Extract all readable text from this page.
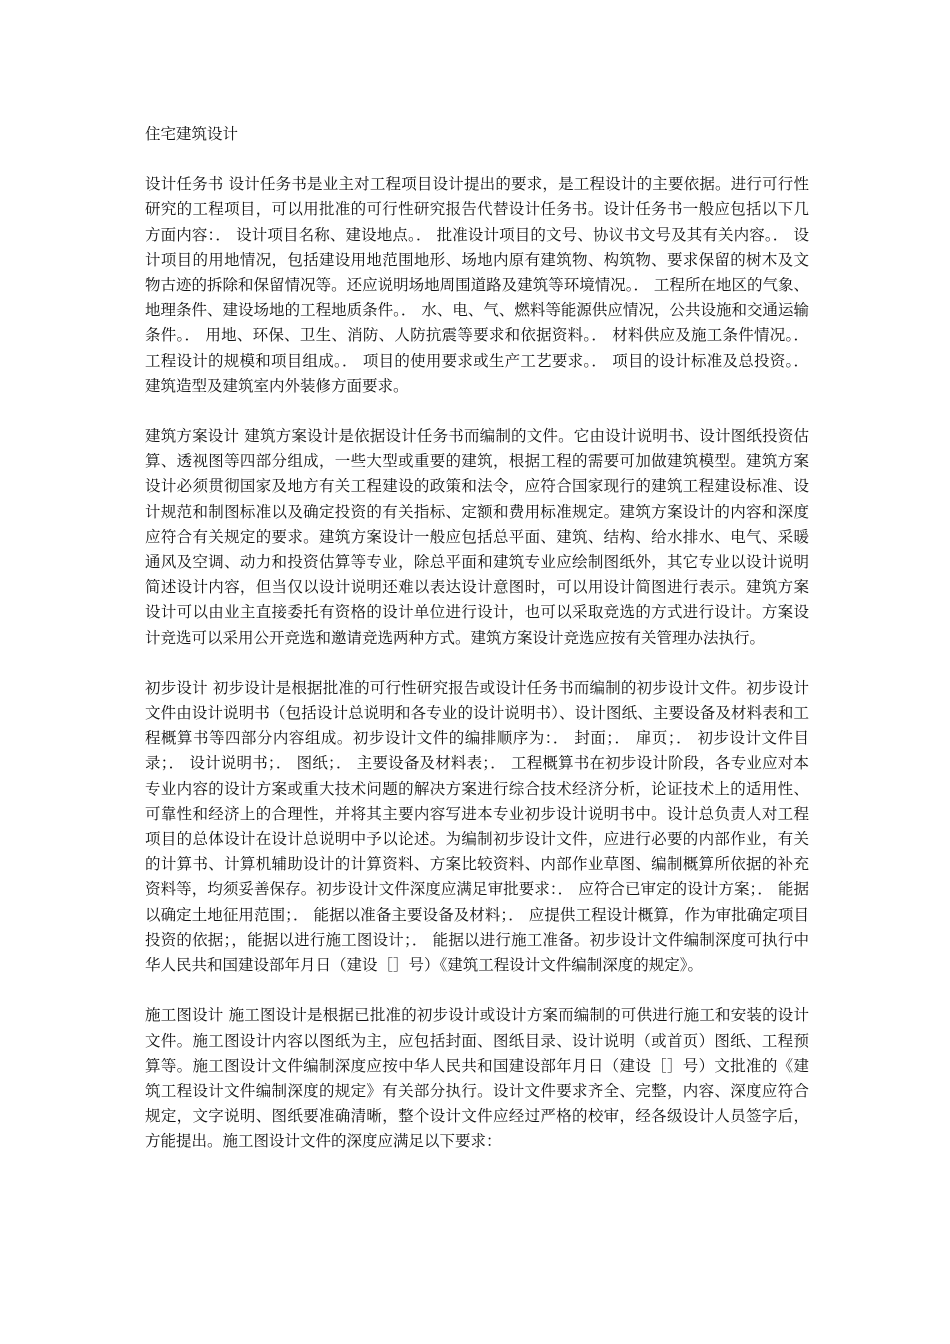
住宅建筑设计

设计任务书 设计任务书是业主对工程项目设计提出的要求，是工程设计的主要依据。进行可行性研究的工程项目，可以用批准的可行性研究报告代替设计任务书。设计任务书一般应包括以下几方面内容：． 设计项目名称、建设地点。． 批准设计项目的文号、协议书文号及其有关内容。． 设计项目的用地情况，包括建设用地范围地形、场地内原有建筑物、构筑物、要求保留的树木及文物古迹的拆除和保留情况等。还应说明场地周围道路及建筑等环境情况。． 工程所在地区的气象、地理条件、建设场地的工程地质条件。． 水、电、气、燃料等能源供应情况，公共设施和交通运输条件。． 用地、环保、卫生、消防、人防抗震等要求和依据资料。． 材料供应及施工条件情况。． 工程设计的规模和项目组成。． 项目的使用要求或生产工艺要求。． 项目的设计标准及总投资。． 建筑造型及建筑室内外装修方面要求。

建筑方案设计 建筑方案设计是依据设计任务书而编制的文件。它由设计说明书、设计图纸投资估算、透视图等四部分组成，一些大型或重要的建筑，根据工程的需要可加做建筑模型。建筑方案设计必须贯彻国家及地方有关工程建设的政策和法令，应符合国家现行的建筑工程建设标准、设计规范和制图标准以及确定投资的有关指标、定额和费用标准规定。建筑方案设计的内容和深度应符合有关规定的要求。建筑方案设计一般应包括总平面、建筑、结构、给水排水、电气、采暖通风及空调、动力和投资估算等专业，除总平面和建筑专业应绘制图纸外，其它专业以设计说明简述设计内容，但当仅以设计说明还难以表达设计意图时，可以用设计简图进行表示。建筑方案设计可以由业主直接委托有资格的设计单位进行设计，也可以采取竞选的方式进行设计。方案设计竞选可以采用公开竞选和邀请竞选两种方式。建筑方案设计竞选应按有关管理办法执行。

初步设计 初步设计是根据批准的可行性研究报告或设计任务书而编制的初步设计文件。初步设计文件由设计说明书（包括设计总说明和各专业的设计说明书）、设计图纸、主要设备及材料表和工程概算书等四部分内容组成。初步设计文件的编排顺序为：． 封面；． 扉页；． 初步设计文件目录；． 设计说明书；． 图纸；． 主要设备及材料表；． 工程概算书在初步设计阶段，各专业应对本专业内容的设计方案或重大技术问题的解决方案进行综合技术经济分析，论证技术上的适用性、可靠性和经济上的合理性，并将其主要内容写进本专业初步设计说明书中。设计总负责人对工程项目的总体设计在设计总说明中予以论述。为编制初步设计文件，应进行必要的内部作业，有关的计算书、计算机辅助设计的计算资料、方案比较资料、内部作业草图、编制概算所依据的补充资料等，均须妥善保存。初步设计文件深度应满足审批要求：． 应符合已审定的设计方案；． 能据以确定土地征用范围；． 能据以准备主要设备及材料；． 应提供工程设计概算，作为审批确定项目投资的依据；，能据以进行施工图设计；． 能据以进行施工准备。初步设计文件编制深度可执行中华人民共和国建设部年月日（建设［］号）《建筑工程设计文件编制深度的规定》。

施工图设计 施工图设计是根据已批准的初步设计或设计方案而编制的可供进行施工和安装的设计文件。施工图设计内容以图纸为主，应包括封面、图纸目录、设计说明（或首页）图纸、工程预算等。施工图设计文件编制深度应按中华人民共和国建设部年月日（建设［］号）文批准的《建筑工程设计文件编制深度的规定》有关部分执行。设计文件要求齐全、完整，内容、深度应符合规定，文字说明、图纸要准确清晰，整个设计文件应经过严格的校审，经各级设计人员签字后，方能提出。施工图设计文件的深度应满足以下要求：
